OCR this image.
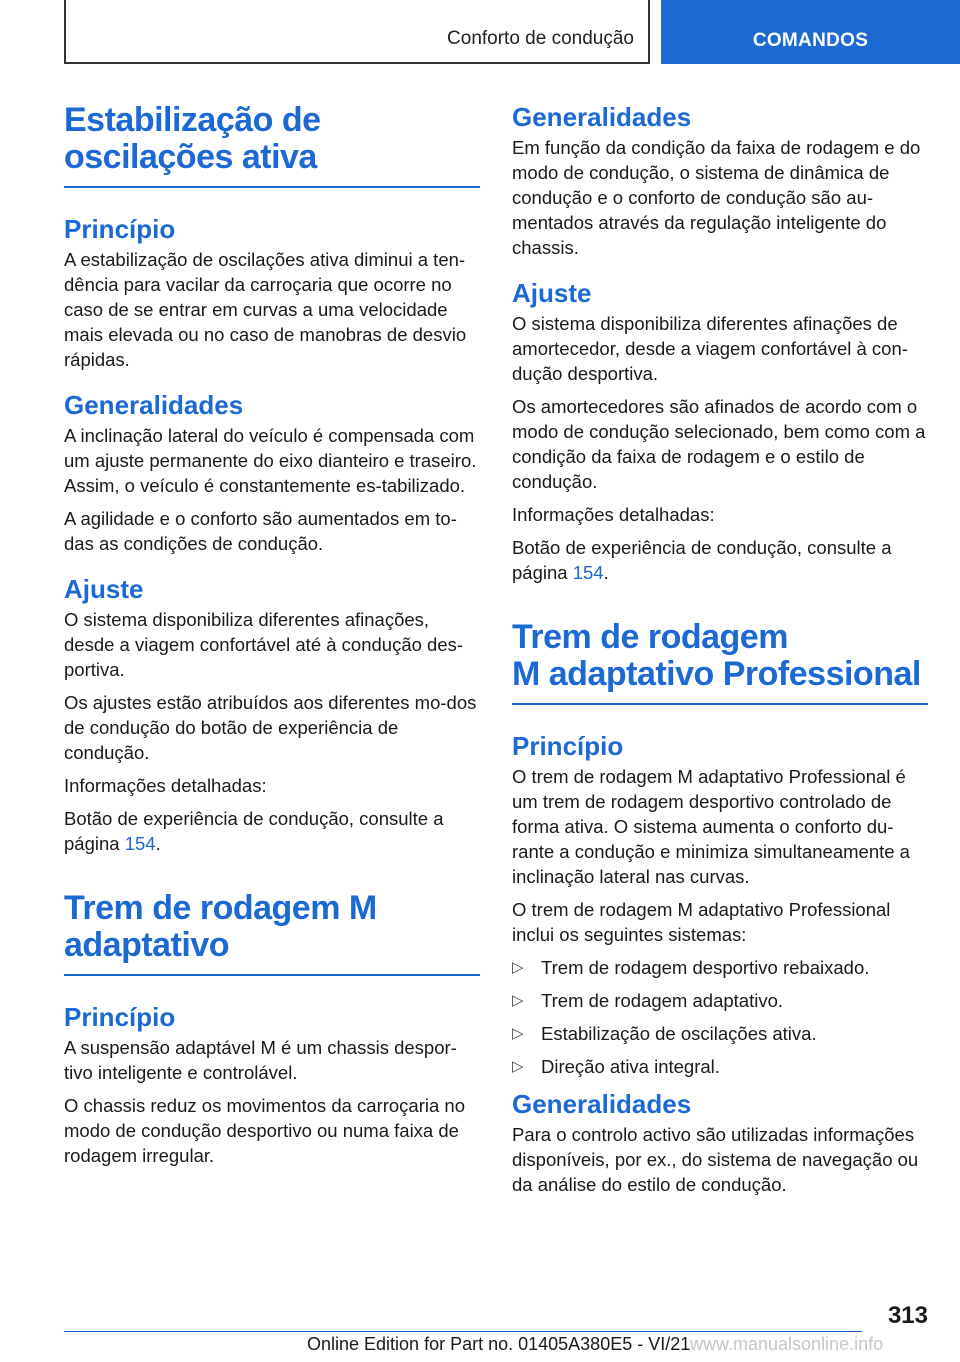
Conforto de condução	COMANDOS
Estabilização de oscilações ativa
Princípio

A estabilização de oscilações ativa diminui a ten-dência para vacilar da carroçaria que ocorre no caso de se entrar em curvas a uma velocidade mais elevada ou no caso de manobras de desvio rápidas.

Generalidades

A inclinação lateral do veículo é compensada com um ajuste permanente do eixo dianteiro e traseiro. Assim, o veículo é constantemente es-tabilizado.

A agilidade e o conforto são aumentados em to-das as condições de condução.

Ajuste

O sistema disponibiliza diferentes afinações, desde a viagem confortável até à condução des-portiva.

Os ajustes estão atribuídos aos diferentes mo-dos de condução do botão de experiência de condução.

Informações detalhadas:

Botão de experiência de condução, consulte a página 154.

Trem de rodagem M adaptativo
Princípio

A suspensão adaptável M é um chassis despor-tivo inteligente e controlável.

O chassis reduz os movimentos da carroçaria no modo de condução desportivo ou numa faixa de rodagem irregular.

Generalidades

Em função da condição da faixa de rodagem e do modo de condução, o sistema de dinâmica de condução e o conforto de condução são au-mentados através da regulação inteligente do chassis.

Ajuste

O sistema disponibiliza diferentes afinações de amortecedor, desde a viagem confortável à con-dução desportiva.

Os amortecedores são afinados de acordo com o modo de condução selecionado, bem como com a condição da faixa de rodagem e o estilo de condução.

Informações detalhadas:

Botão de experiência de condução, consulte a página 154.

Trem de rodagem
M adaptativo Professional
Princípio

O trem de rodagem M adaptativo Professional é um trem de rodagem desportivo controlado de forma ativa. O sistema aumenta o conforto du-rante a condução e minimiza simultaneamente a inclinação lateral nas curvas.

O trem de rodagem M adaptativo Professional inclui os seguintes sistemas:

▷ Trem de rodagem desportivo rebaixado.
▷ Trem de rodagem adaptativo.
▷ Estabilização de oscilações ativa.
▷ Direção ativa integral.
Generalidades

Para o controlo activo são utilizadas informações disponíveis, por ex., do sistema de navegação ou da análise do estilo de condução.

313
Online Edition for Part no. 01405A380E5 - VI/21 www.manualsonline.info
